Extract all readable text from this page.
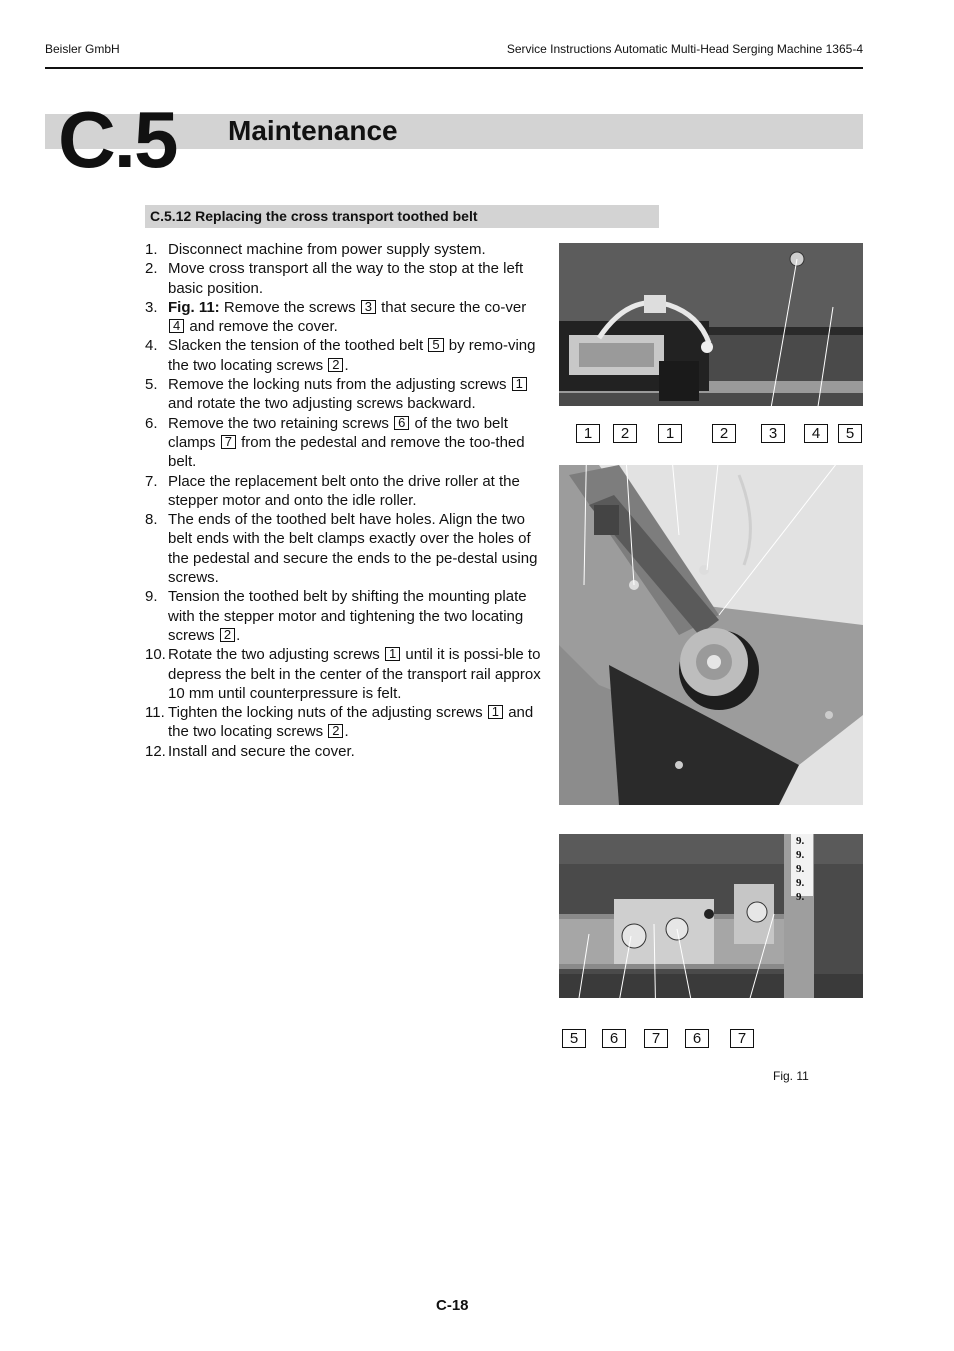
Beisler GmbH	Service Instructions Automatic Multi-Head Serging Machine 1365-4
C.5 Maintenance
C.5.12 Replacing the cross transport toothed belt
1. Disconnect machine from power supply system.
2. Move cross transport all the way to the stop at the left basic position.
3. Fig. 11: Remove the screws 3 that secure the co-ver 4 and remove the cover.
4. Slacken the tension of the toothed belt 5 by remo-ving the two locating screws 2 .
5. Remove the locking nuts from the adjusting screws 1 and rotate the two adjusting screws backward.
6. Remove the two retaining screws 6 of the two belt clamps 7 from the pedestal and remove the too-thed belt.
7. Place the replacement belt onto the drive roller at the stepper motor and onto the idle roller.
8. The ends of the toothed belt have holes. Align the two belt ends with the belt clamps exactly over the holes of the pedestal and secure the ends to the pe-destal using screws.
9. Tension the toothed belt by shifting the mounting plate with the stepper motor and tightening the two locating screws 2 .
10. Rotate the two adjusting screws 1 until it is possi-ble to depress the belt in the center of the transport rail approx 10 mm until counterpressure is felt.
11. Tighten the locking nuts of the adjusting screws 1 and the two locating screws 2 .
12. Install and secure the cover.
1	2	1	2	3	4	5
9.
9.
9.
9.
9.
5	6	7	6	7
Fig. 11
C-18
